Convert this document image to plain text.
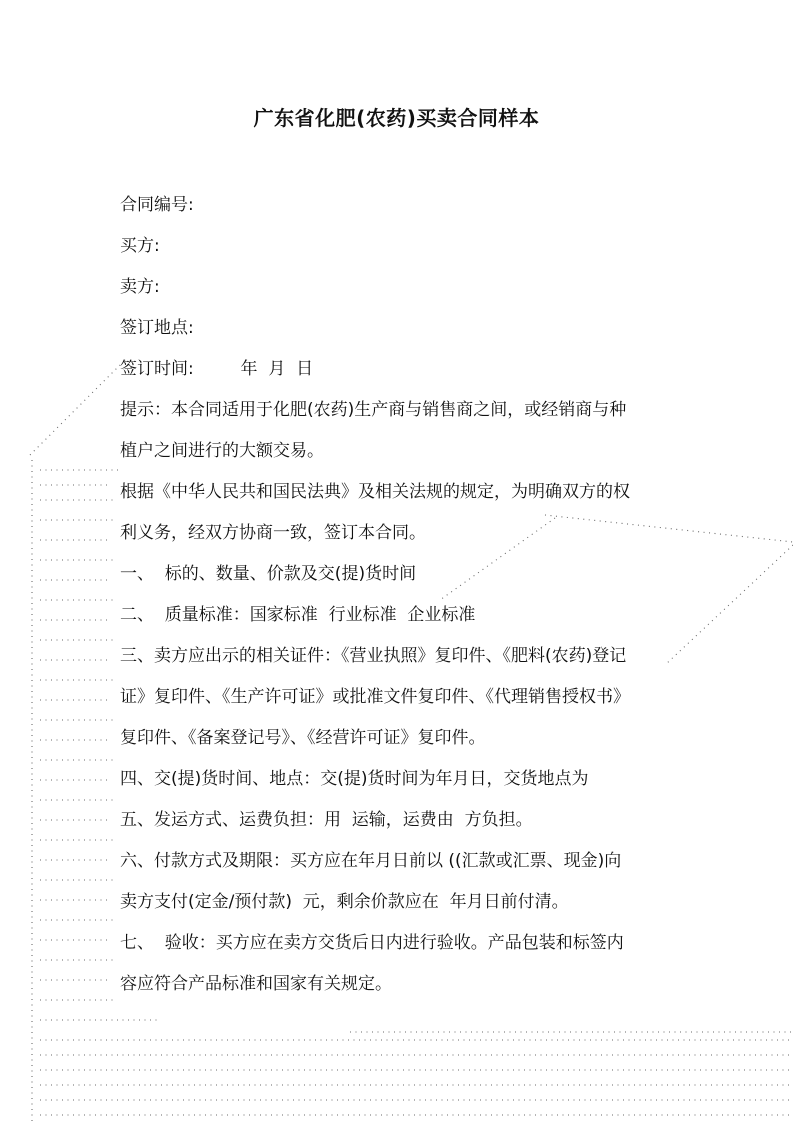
广东省化肥(农药)买卖合同样本
合同编号:
买方:
卖方:
签订地点:
签订时间:	年  月  日
提示：本合同适用于化肥(农药)生产商与销售商之间，或经销商与种
植户之间进行的大额交易。
根据《中华人民共和国民法典》及相关法规的规定，为明确双方的权
利义务，经双方协商一致，签订本合同。
一、  标的、数量、价款及交(提)货时间
二、  质量标准：国家标准  行业标准  企业标准
三、卖方应出示的相关证件：《营业执照》复印件、《肥料(农药)登记
证》复印件、《生产许可证》或批准文件复印件、《代理销售授权书》
复印件、《备案登记号》、《经营许可证》复印件。
四、交(提)货时间、地点：交(提)货时间为年月日，交货地点为
五、发运方式、运费负担：用  运输，运费由  方负担。
六、付款方式及期限：买方应在年月日前以 ((汇款或汇票、现金)向
卖方支付(定金/预付款)  元，剩余价款应在  年月日前付清。
七、  验收：买方应在卖方交货后日内进行验收。产品包装和标签内
容应符合产品标准和国家有关规定。
